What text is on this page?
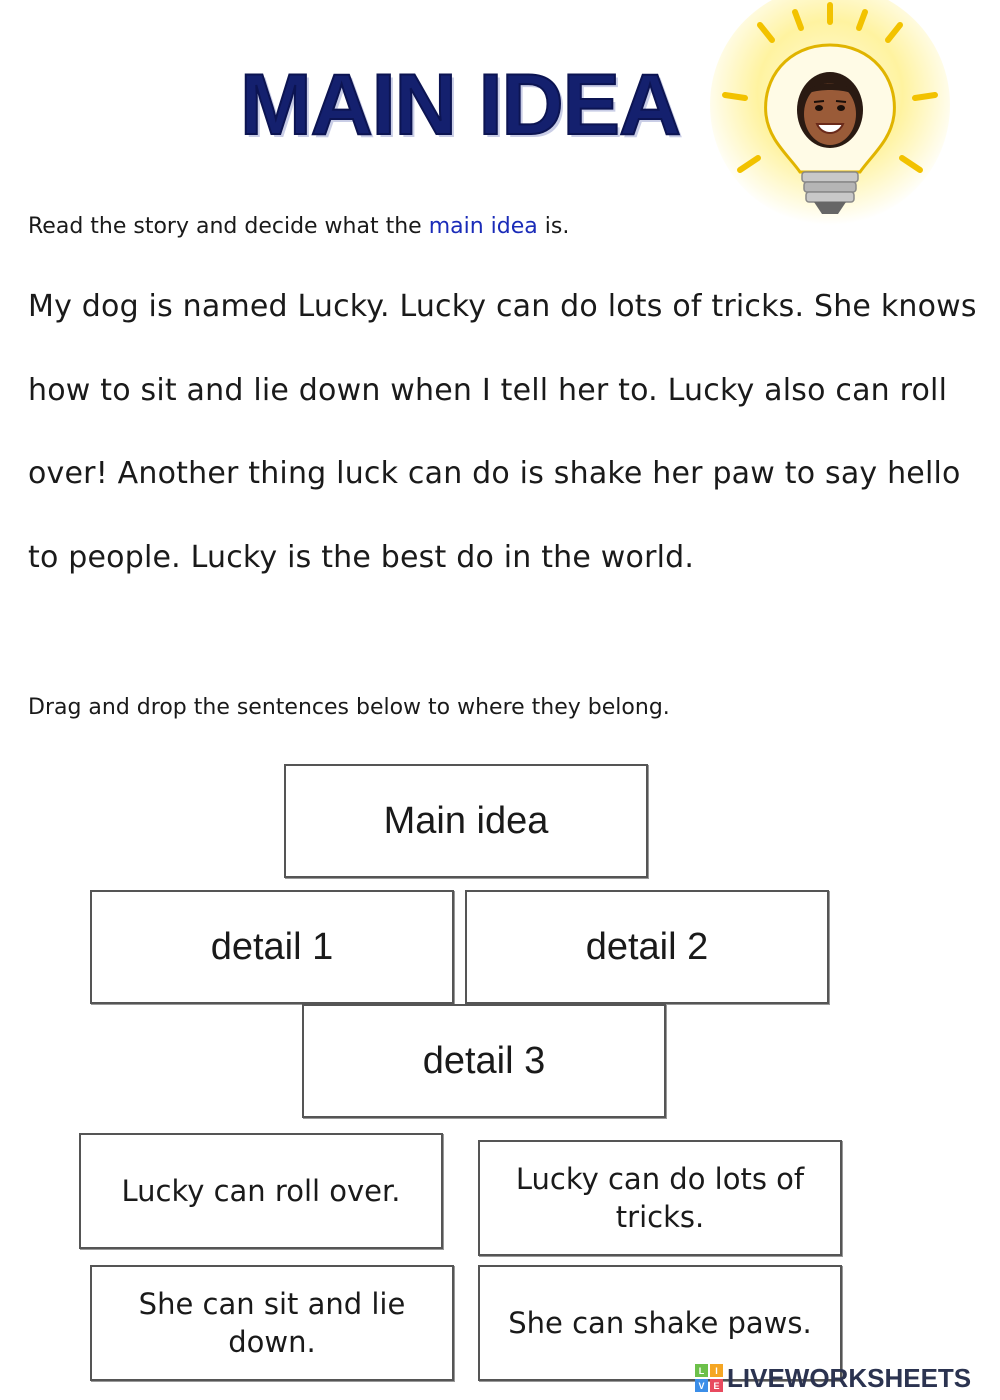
MAIN IDEA
Read the story and decide what the main idea is.
My dog is named Lucky. Lucky can do lots of tricks. She knows how to sit and lie down when I tell her to. Lucky also can roll over! Another thing luck can do is shake her paw to say hello to people. Lucky is the best do in the world.
Drag and drop the sentences below to where they belong.
Main idea
detail 1	detail 2
detail 3
Lucky can roll over.	Lucky can do lots of tricks.
She can sit and lie down.
She can shake paws.
L I
V E LIVEWORKSHEETS
